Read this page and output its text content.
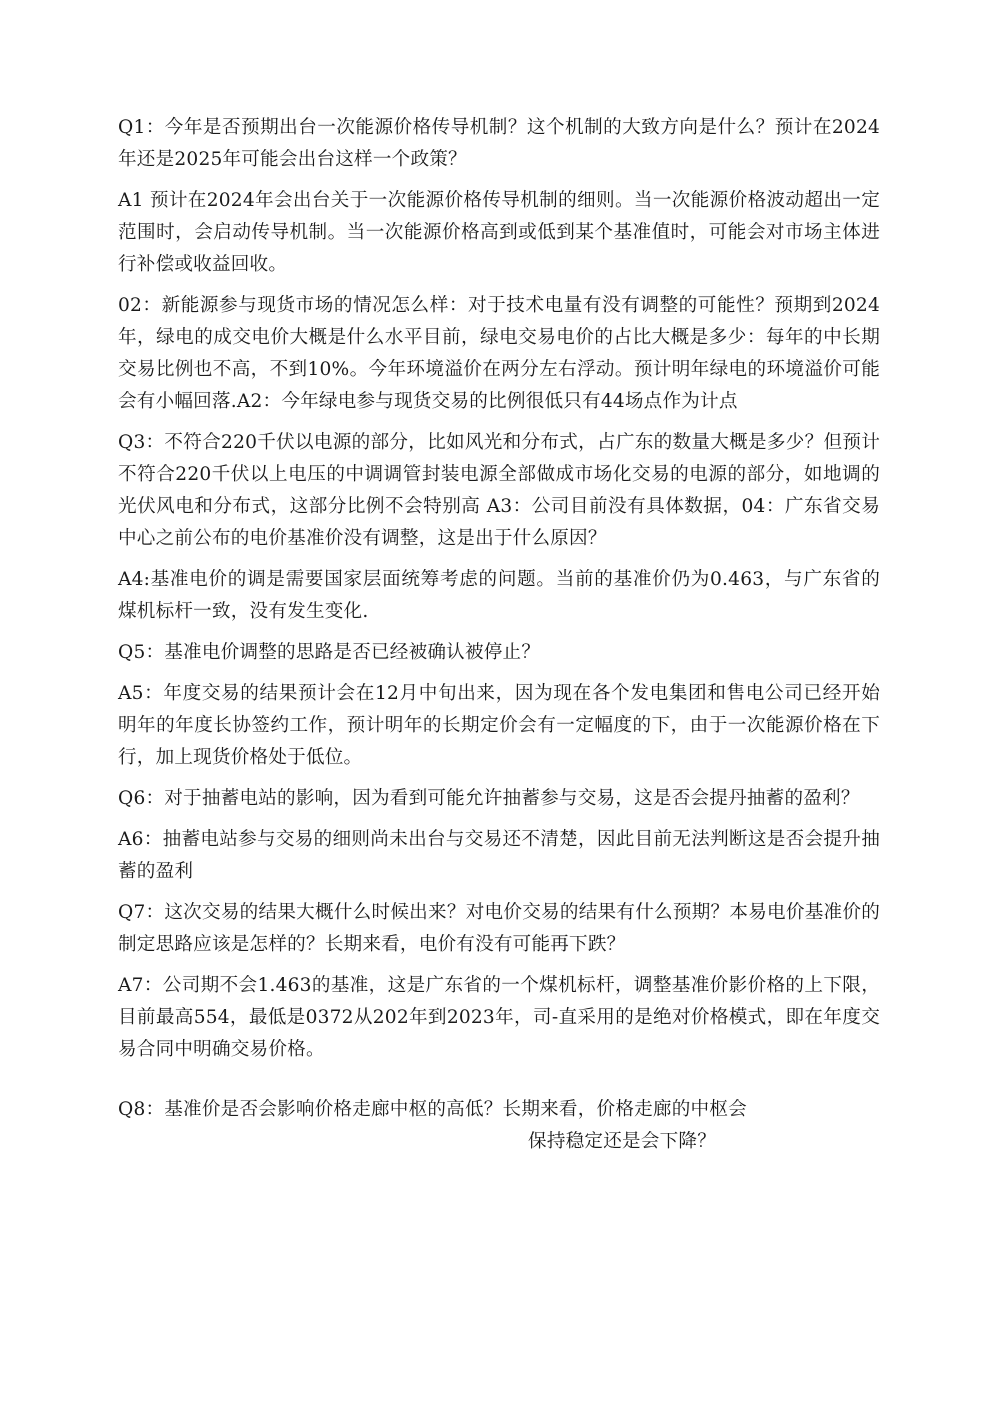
Q1：今年是否预期出台一次能源价格传导机制？这个机制的大致方向是什么？预计在2024年还是2025年可能会出台这样一个政策？

A1 预计在2024年会出台关于一次能源价格传导机制的细则。当一次能源价格波动超出一定范围时，会启动传导机制。当一次能源价格高到或低到某个基准值时，可能会对市场主体进行补偿或收益回收。

02：新能源参与现货市场的情况怎么样：对于技术电量有没有调整的可能性？预期到2024年，绿电的成交电价大概是什么水平目前，绿电交易电价的占比大概是多少：每年的中长期交易比例也不高，不到10%。今年环境溢价在两分左右浮动。预计明年绿电的环境溢价可能会有小幅回落.A2：今年绿电参与现货交易的比例很低只有44场点作为计点

Q3：不符合220千伏以电源的部分，比如风光和分布式，占广东的数量大概是多少？但预计不符合220千伏以上电压的中调调管封装电源全部做成市场化交易的电源的部分，如地调的光伏风电和分布式，这部分比例不会特别高 A3：公司目前没有具体数据，04：广东省交易中心之前公布的电价基准价没有调整，这是出于什么原因？

A4:基准电价的调是需要国家层面统筹考虑的问题。当前的基准价仍为0.463，与广东省的煤机标杆一致，没有发生变化.

Q5：基准电价调整的思路是否已经被确认被停止？

A5：年度交易的结果预计会在12月中旬出来，因为现在各个发电集团和售电公司已经开始明年的年度长协签约工作，预计明年的长期定价会有一定幅度的下，由于一次能源价格在下行，加上现货价格处于低位。

Q6：对于抽蓄电站的影响，因为看到可能允许抽蓄参与交易，这是否会提丹抽蓄的盈利？

A6：抽蓄电站参与交易的细则尚未出台与交易还不清楚，因此目前无法判断这是否会提升抽蓄的盈利

Q7：这次交易的结果大概什么时候出来？对电价交易的结果有什么预期？本易电价基准价的制定思路应该是怎样的？长期来看，电价有没有可能再下跌？

A7：公司期不会1.463的基准，这是广东省的一个煤机标杆，调整基准价影价格的上下限，目前最高554，最低是0372从202年到2023年，司-直采用的是绝对价格模式，即在年度交易合同中明确交易价格。

Q8：基准价是否会影响价格走廊中枢的高低？长期来看，价格走廊的中枢会
保持稳定还是会下降？
